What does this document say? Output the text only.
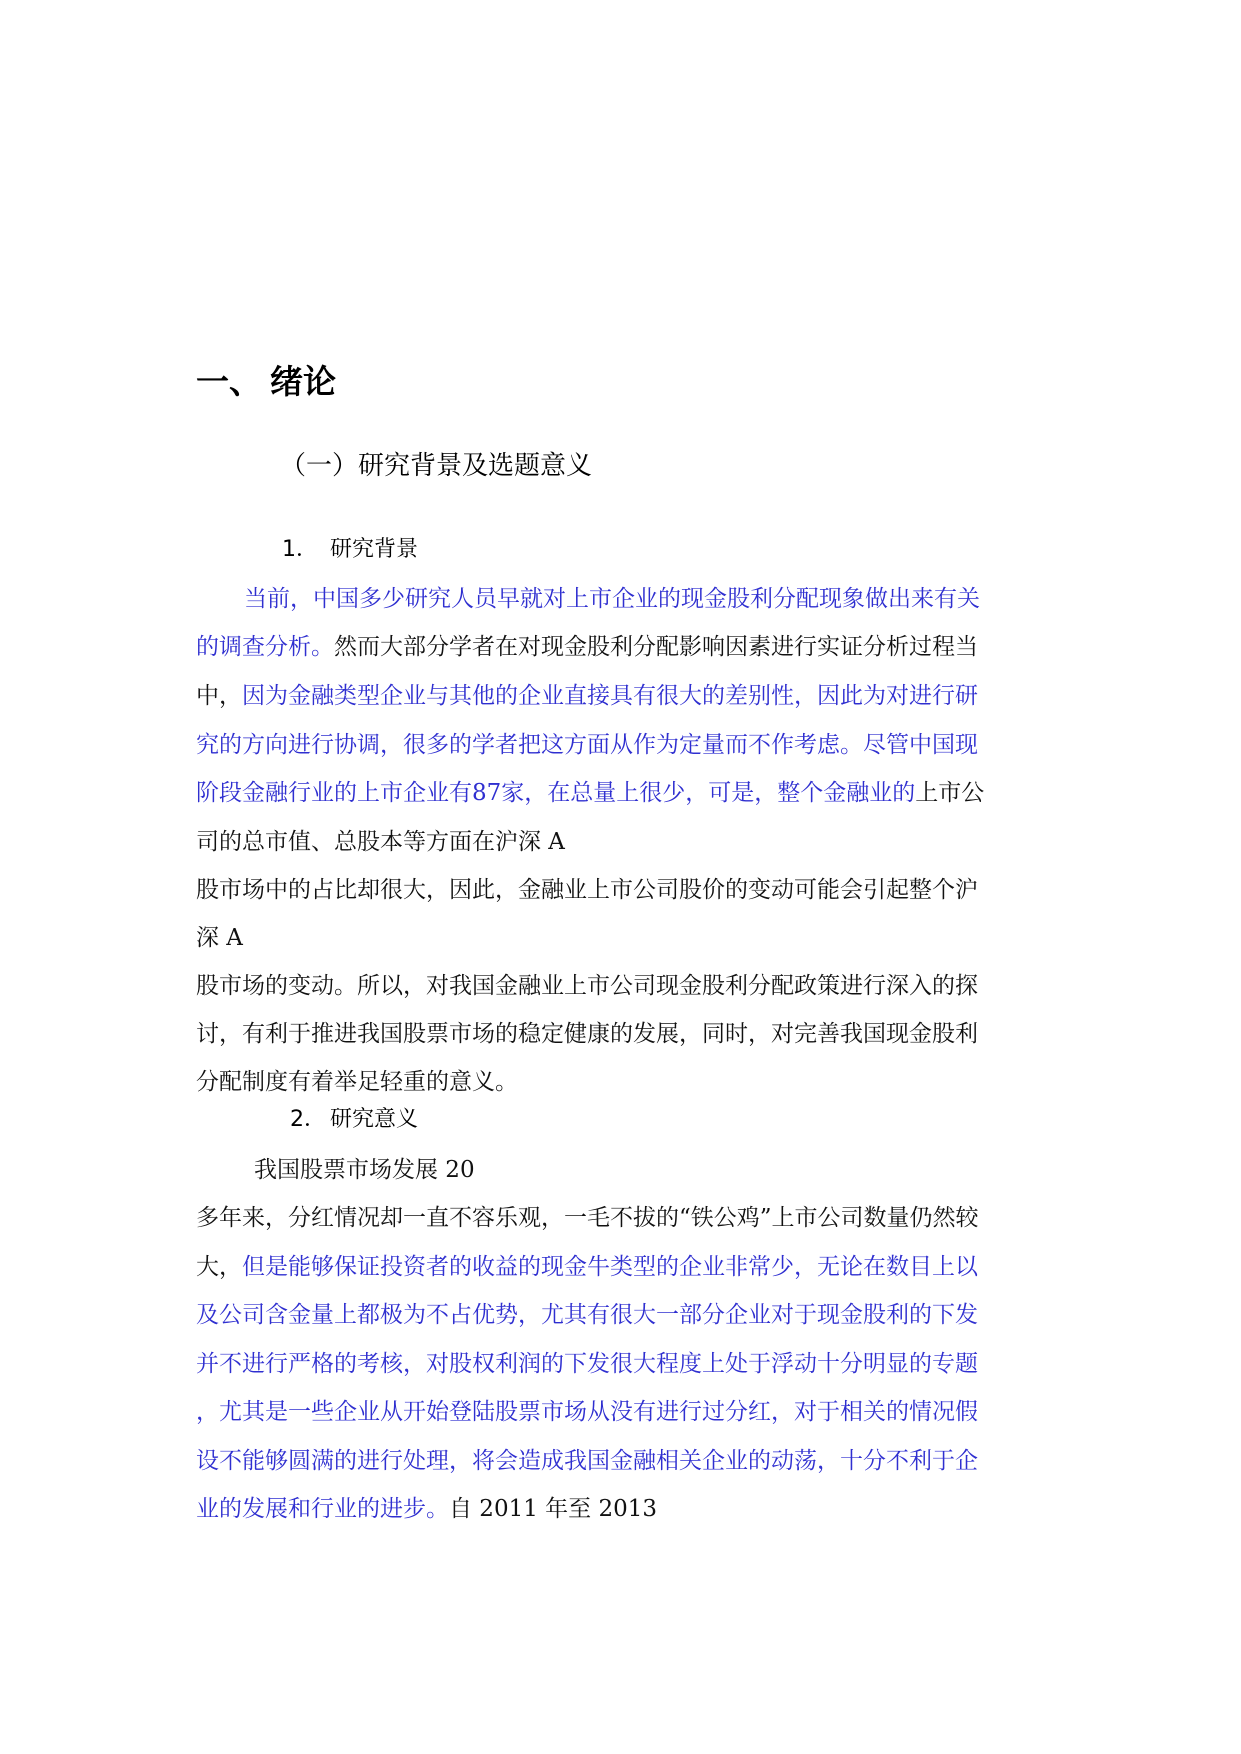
一、 绪论
（一）研究背景及选题意义
1． 研究背景
当前，中国多少研究人员早就对上市企业的现金股利分配现象做出来有关
的调查分析。然而大部分学者在对现金股利分配影响因素进行实证分析过程当
中，因为金融类型企业与其他的企业直接具有很大的差别性，因此为对进行研
究的方向进行协调，很多的学者把这方面从作为定量而不作考虑。尽管中国现
阶段金融行业的上市企业有87家，在总量上很少，可是，整个金融业的上市公
司的总市值、总股本等方面在沪深 A
股市场中的占比却很大，因此，金融业上市公司股价的变动可能会引起整个沪
深 A
股市场的变动。所以，对我国金融业上市公司现金股利分配政策进行深入的探
讨，有利于推进我国股票市场的稳定健康的发展，同时，对完善我国现金股利
分配制度有着举足轻重的意义。
2． 研究意义
我国股票市场发展 20
多年来，分红情况却一直不容乐观，一毛不拔的“铁公鸡”上市公司数量仍然较
大，但是能够保证投资者的收益的现金牛类型的企业非常少，无论在数目上以
及公司含金量上都极为不占优势，尤其有很大一部分企业对于现金股利的下发
并不进行严格的考核，对股权利润的下发很大程度上处于浮动十分明显的专题
，尤其是一些企业从开始登陆股票市场从没有进行过分红，对于相关的情况假
设不能够圆满的进行处理，将会造成我国金融相关企业的动荡，十分不利于企
业的发展和行业的进步。自 2011 年至 2013
